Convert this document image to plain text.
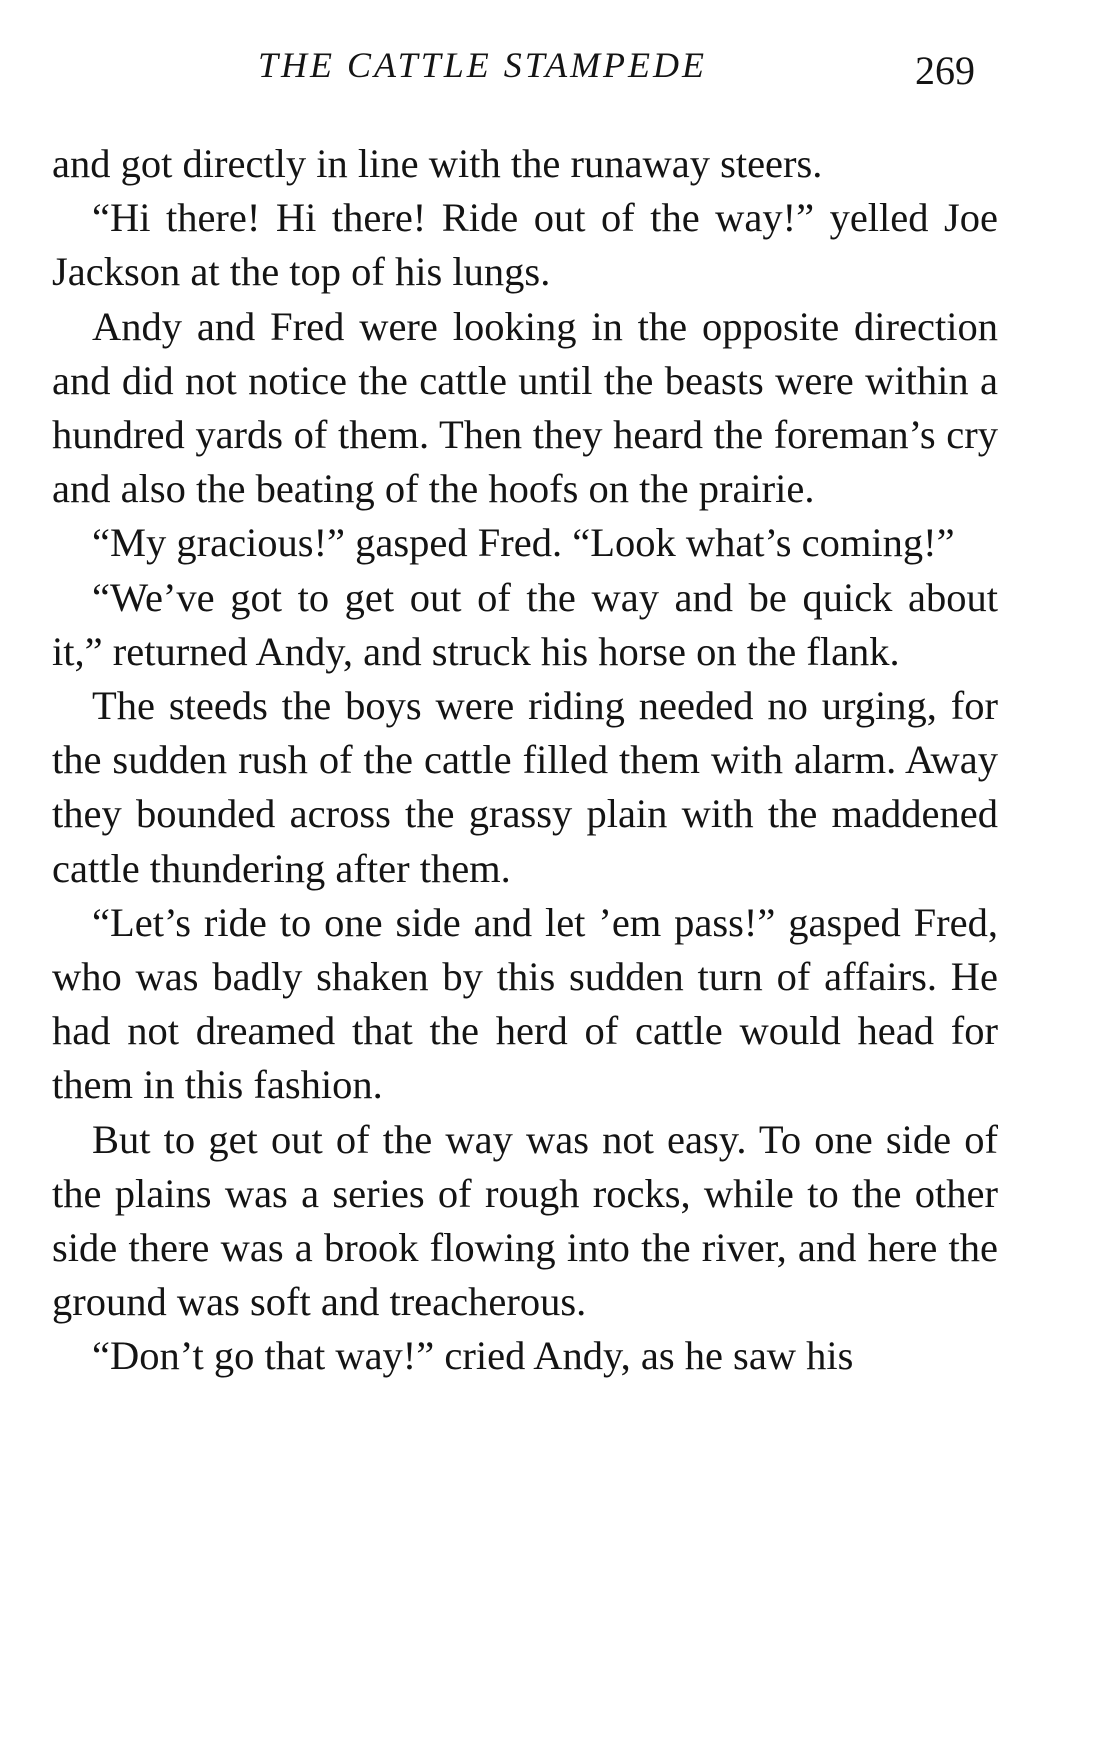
THE CATTLE STAMPEDE	269

and got directly in line with the runaway steers.

“Hi there! Hi there! Ride out of the way!” yelled Joe Jackson at the top of his lungs.

Andy and Fred were looking in the opposite direction and did not notice the cattle until the beasts were within a hundred yards of them. Then they heard the foreman’s cry and also the beating of the hoofs on the prairie.

“My gracious!” gasped Fred. “Look what’s coming!”

“We’ve got to get out of the way and be quick about it,” returned Andy, and struck his horse on the flank.

The steeds the boys were riding needed no urging, for the sudden rush of the cattle filled them with alarm. Away they bounded across the grassy plain with the maddened cattle thundering after them.

“Let’s ride to one side and let ’em pass!” gasped Fred, who was badly shaken by this sudden turn of affairs. He had not dreamed that the herd of cattle would head for them in this fashion.

But to get out of the way was not easy. To one side of the plains was a series of rough rocks, while to the other side there was a brook flowing into the river, and here the ground was soft and treacherous.

“Don’t go that way!” cried Andy, as he saw his
